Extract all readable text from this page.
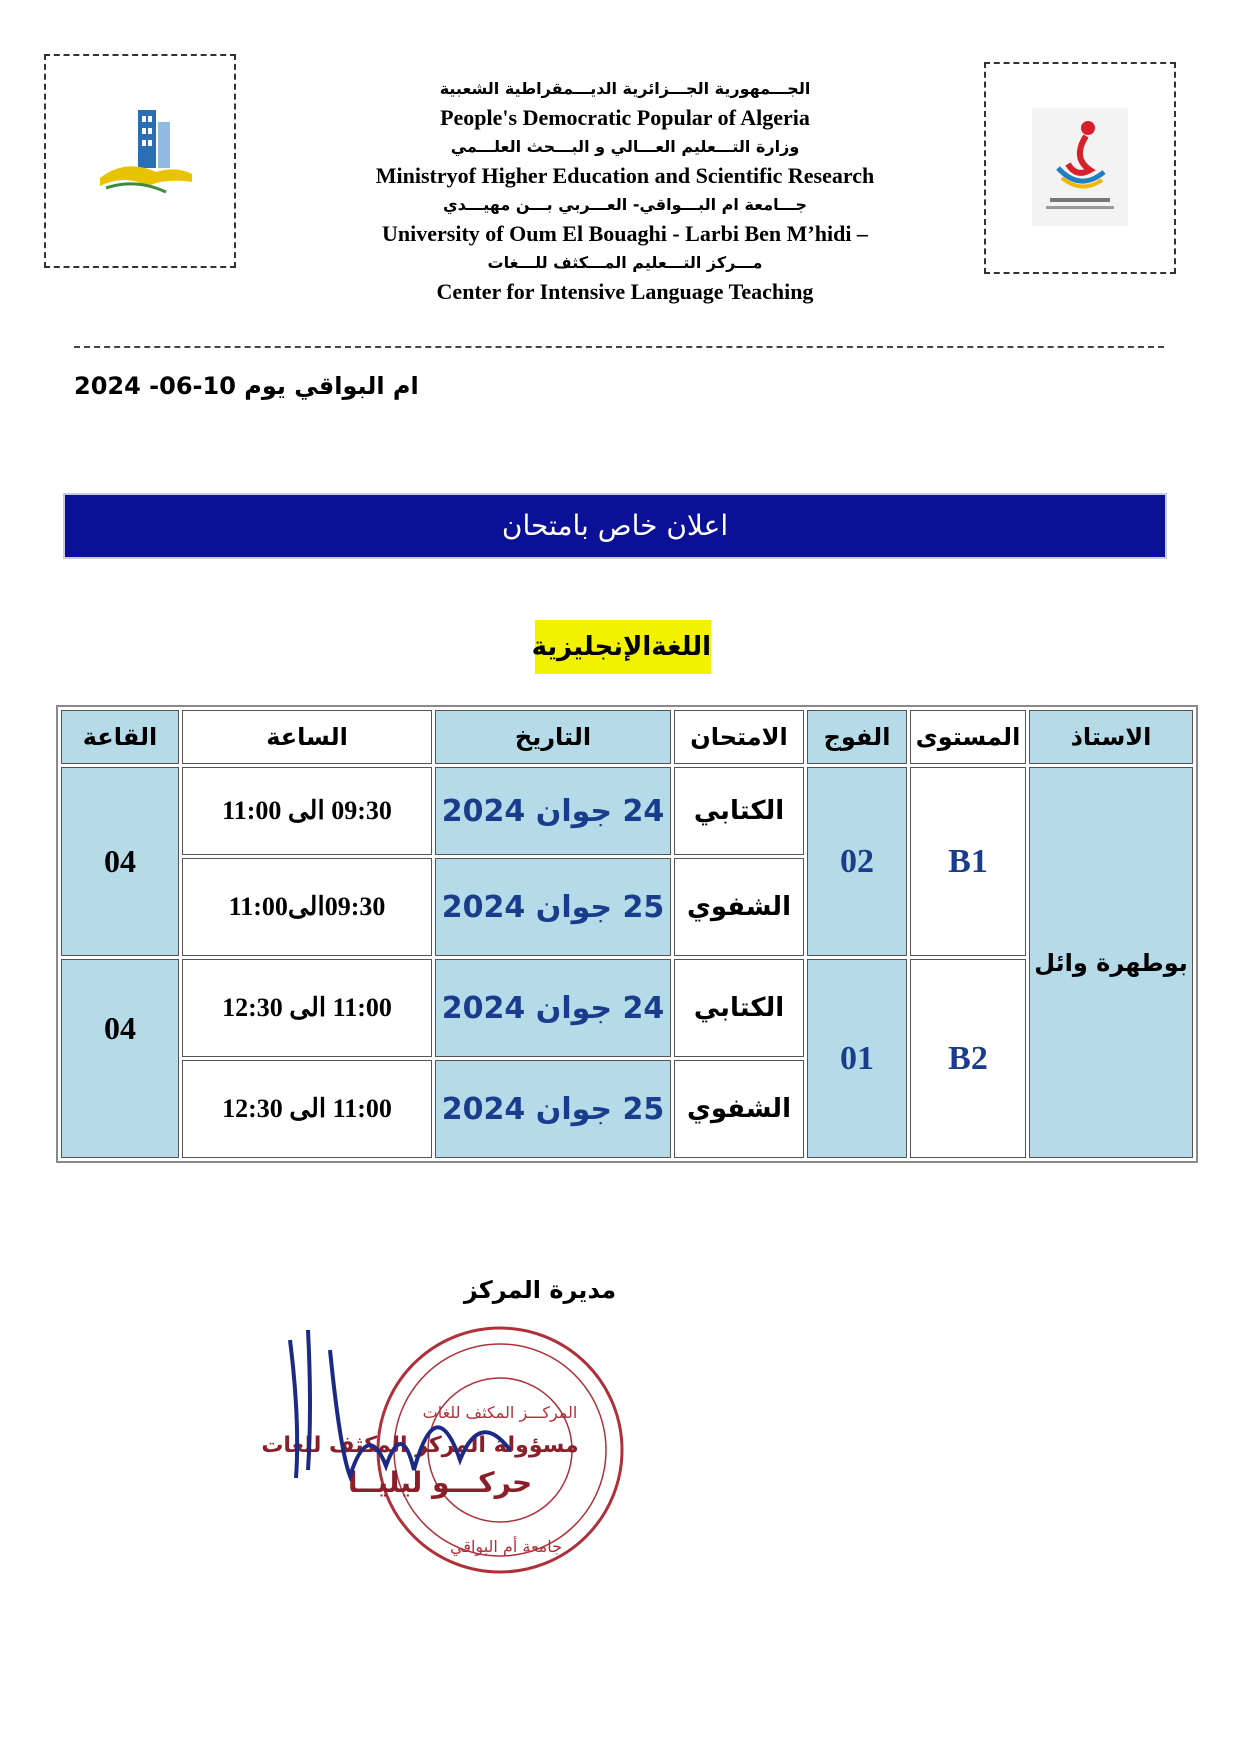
الجـــمهورية الجـــزائرية الديـــمقراطية الشعبية
People's Democratic Popular of Algeria
وزارة التـــعليم العـــالي و البـــحث العلـــمي
Ministryof Higher Education and Scientific Research
جـــامعة ام البـــواقي- العـــربي بـــن مهيـــدي
University of Oum El Bouaghi - Larbi Ben M’hidi –
مـــركز التـــعليم المـــكثف للـــغات
Center for Intensive Language Teaching
ام البواقي يوم 10-06- 2024
اعلان خاص بامتحان
اللغةالإنجليزية
القاعة	الساعة	التاريخ	الامتحان	الفوج	المستوى	الاستاذ
04	09:30 الى 11:00	24 جوان 2024	الكتابي	02	B1	بوطهرة وائل
	09:30الى11:00	25 جوان 2024	الشفوي			
04	11:00 الى 12:30	24 جوان 2024	الكتابي	01	B2	
	11:00 الى 12:30	25 جوان 2024	الشفوي			
مديرة المركز
المركـــز المكثف للغات
مسؤولة المركز المكثف للغات
جامعة أم البواقي
حركـــو ليليــا
